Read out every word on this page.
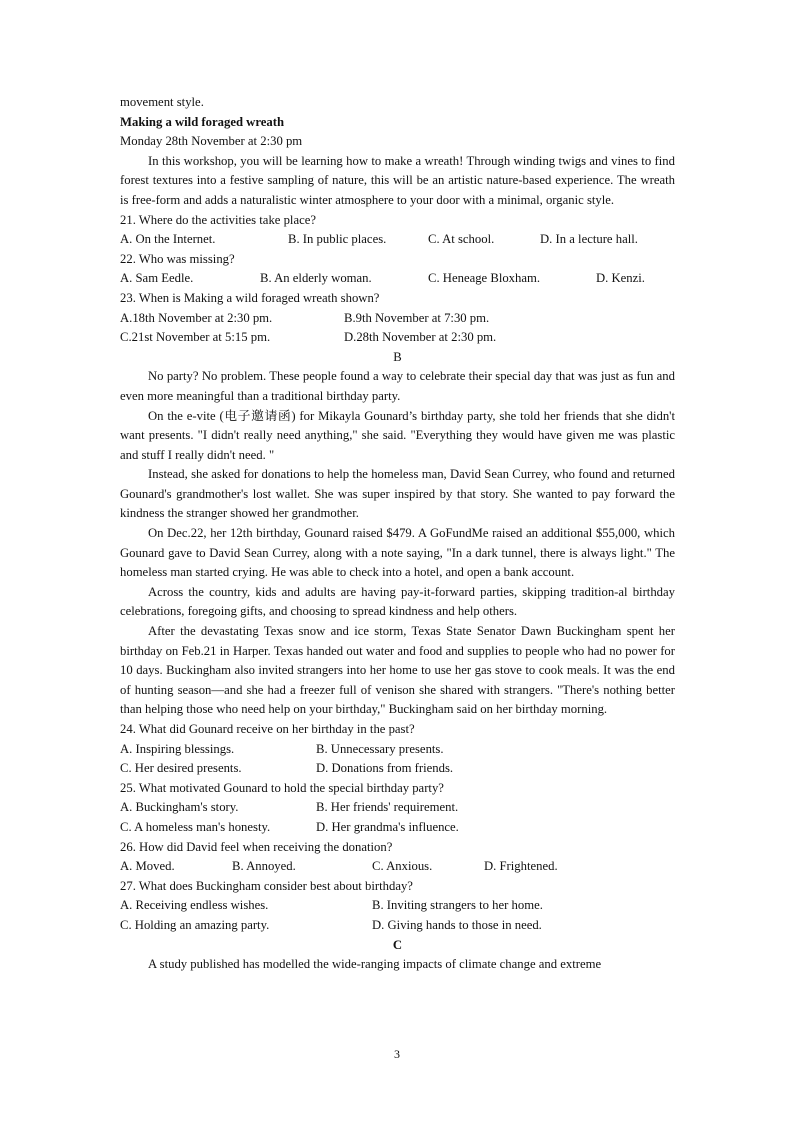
movement style.

Making a wild foraged wreath

Monday 28th November at 2:30 pm

In this workshop, you will be learning how to make a wreath! Through winding twigs and vines to find forest textures into a festive sampling of nature, this will be an artistic nature-based experience. The wreath is free-form and adds a naturalistic winter atmosphere to your door with a minimal, organic style.

21. Where do the activities take place?

A. On the Internet.	B. In public places.	C. At school.	D. In a lecture hall.

22. Who was missing?

A. Sam Eedle.	B. An elderly woman.	C. Heneage Bloxham.	D. Kenzi.

23. When is Making a wild foraged wreath shown?

A.18th November at 2:30 pm.	B.9th November at 7:30 pm.
C.21st November at 5:15 pm.	D.28th November at 2:30 pm.

B

No party? No problem. These people found a way to celebrate their special day that was just as fun and even more meaningful than a traditional birthday party.

On the e-vite (电子邀请函) for Mikayla Gounard’s birthday party, she told her friends that she didn't want presents. "I didn't really need anything," she said. "Everything they would have given me was plastic and stuff I really didn't need. "

Instead, she asked for donations to help the homeless man, David Sean Currey, who found and returned Gounard's grandmother's lost wallet. She was super inspired by that story. She wanted to pay forward the kindness the stranger showed her grandmother.

On Dec.22, her 12th birthday, Gounard raised $479. A GoFundMe raised an additional $55,000, which Gounard gave to David Sean Currey, along with a note saying, "In a dark tunnel, there is always light." The homeless man started crying. He was able to check into a hotel, and open a bank account.

Across the country, kids and adults are having pay-it-forward parties, skipping tradition-al birthday celebrations, foregoing gifts, and choosing to spread kindness and help others.

After the devastating Texas snow and ice storm, Texas State Senator Dawn Buckingham spent her birthday on Feb.21 in Harper. Texas handed out water and food and supplies to people who had no power for 10 days. Buckingham also invited strangers into her home to use her gas stove to cook meals. It was the end of hunting season—and she had a freezer full of venison she shared with strangers. "There's nothing better than helping those who need help on your birthday," Buckingham said on her birthday morning.

24. What did Gounard receive on her birthday in the past?

A. Inspiring blessings.	B. Unnecessary presents.
C. Her desired presents.	D. Donations from friends.

25. What motivated Gounard to hold the special birthday party?

A. Buckingham's story.	B. Her friends' requirement.
C. A homeless man's honesty.	D. Her grandma's influence.

26. How did David feel when receiving the donation?

A. Moved.	B. Annoyed.	C. Anxious.	D. Frightened.

27. What does Buckingham consider best about birthday?

A. Receiving endless wishes.	B. Inviting strangers to her home.
C. Holding an amazing party.	D. Giving hands to those in need.

C

A study published has modelled the wide-ranging impacts of climate change and extreme

3
